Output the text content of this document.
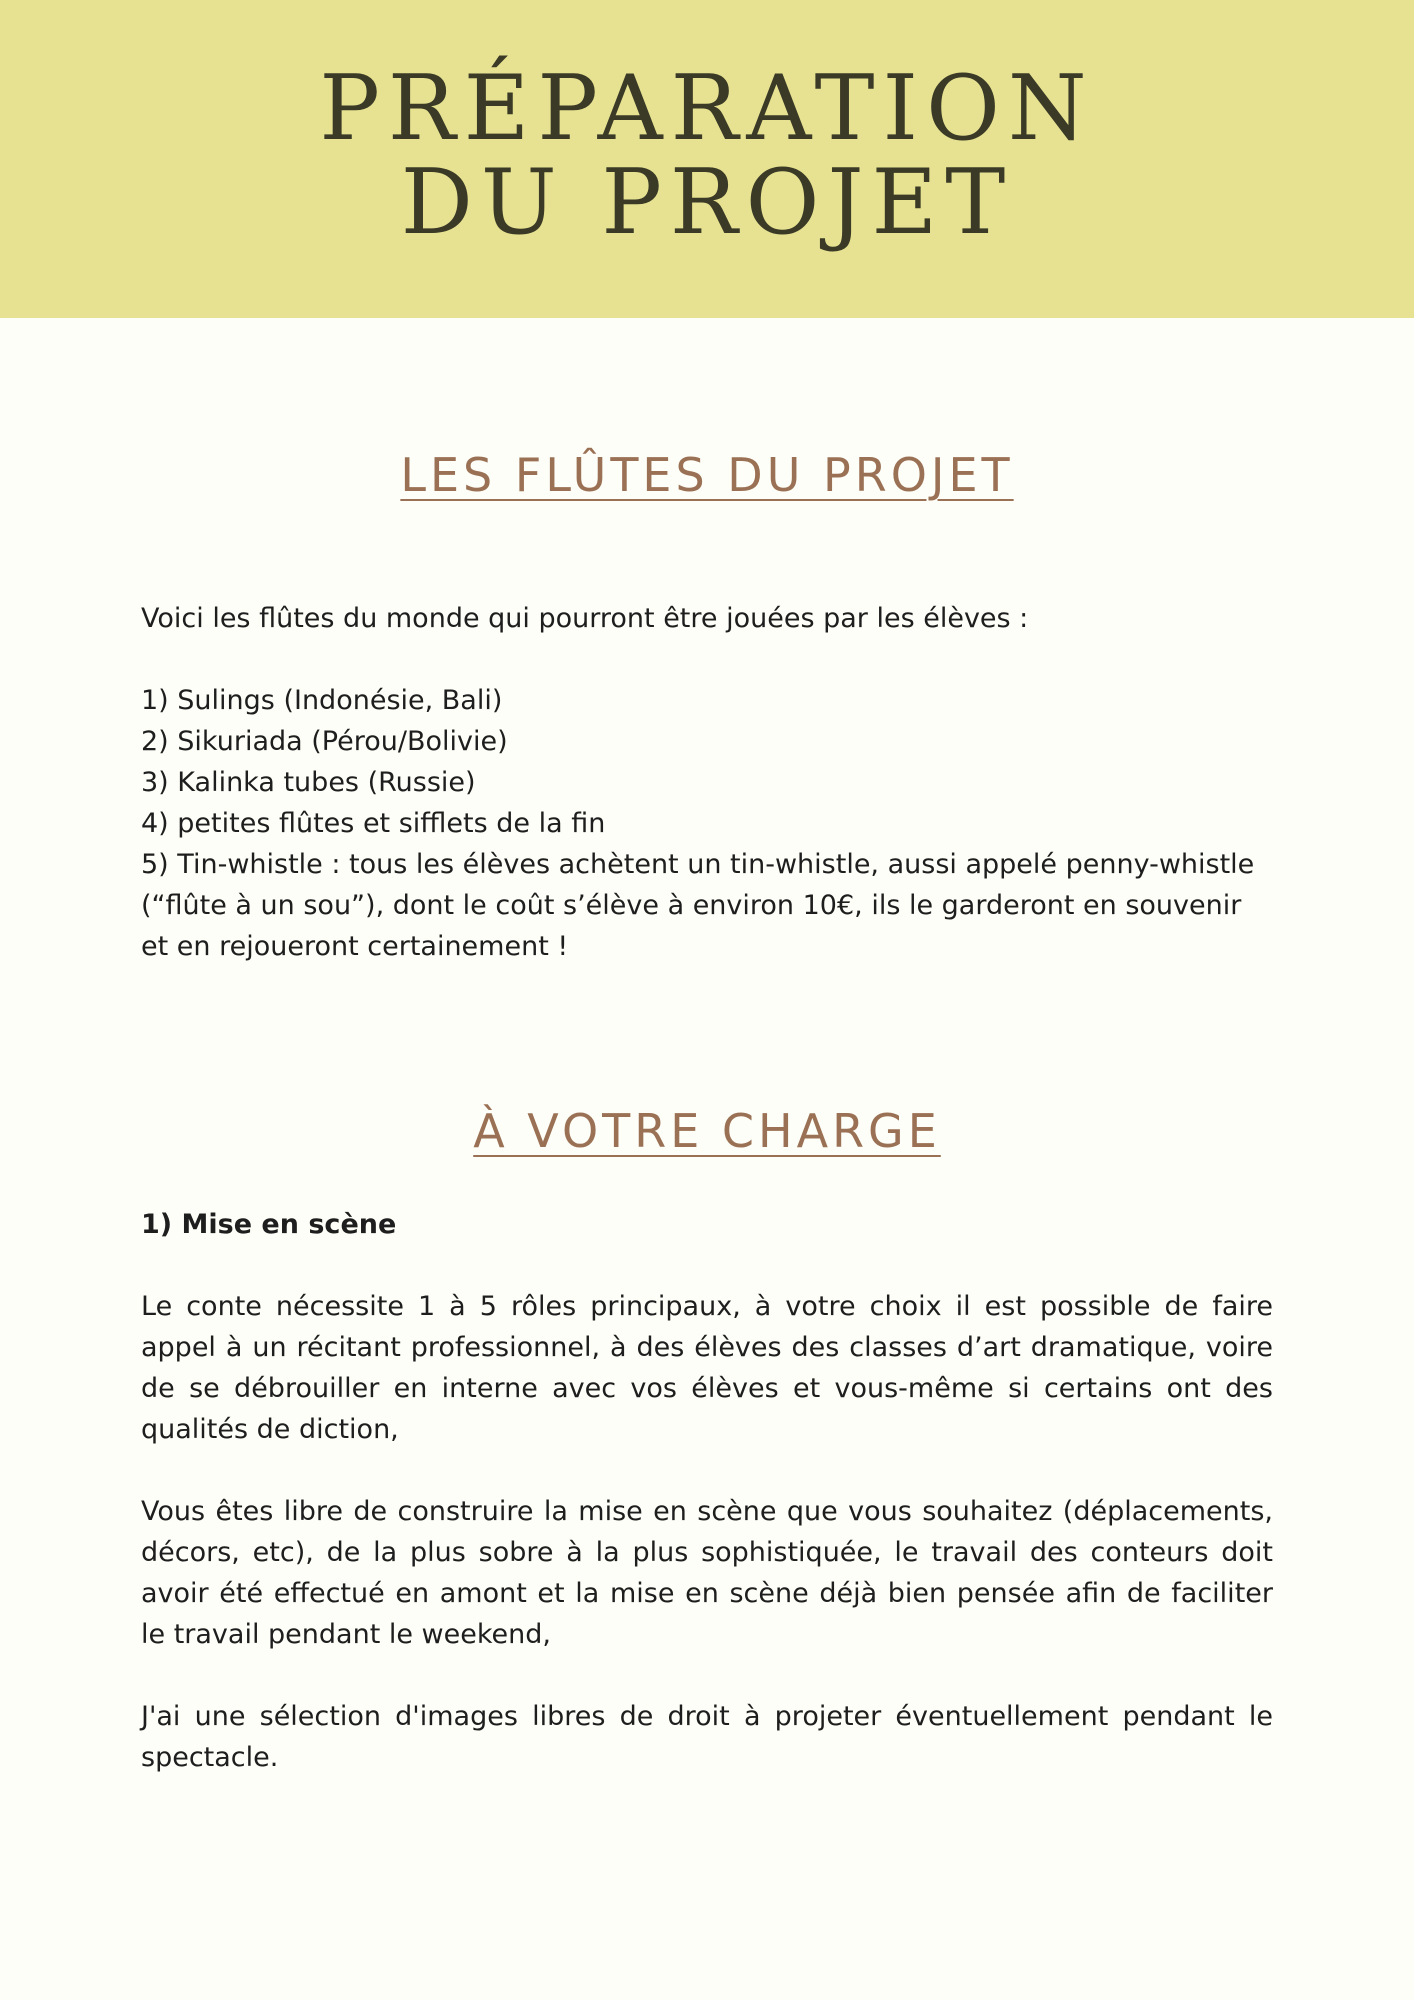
PRÉPARATION
DU PROJET
LES FLÛTES DU PROJET

Voici les flûtes du monde qui pourront être jouées par les élèves :

1) Sulings (Indonésie, Bali)

2) Sikuriada (Pérou/Bolivie)

3) Kalinka tubes (Russie)

4) petites flûtes et sifflets de la fin

5) Tin-whistle : tous les élèves achètent un tin-whistle, aussi appelé penny-whistle (“flûte à un sou”), dont le coût s’élève à environ 10€, ils le garderont en souvenir et en rejoueront certainement !

À VOTRE CHARGE

1) Mise en scène

Le conte nécessite 1 à 5 rôles principaux, à votre choix il est possible de faire appel à un récitant professionnel, à des élèves des classes d’art dramatique, voire de se débrouiller en interne avec vos élèves et vous-même si certains ont des qualités de diction,

Vous êtes libre de construire la mise en scène que vous souhaitez (déplacements, décors, etc), de la plus sobre à la plus sophistiquée, le travail des conteurs doit avoir été effectué en amont et la mise en scène déjà bien pensée afin de faciliter le travail pendant le weekend,

J'ai une sélection d'images libres de droit à projeter éventuellement pendant le spectacle.
